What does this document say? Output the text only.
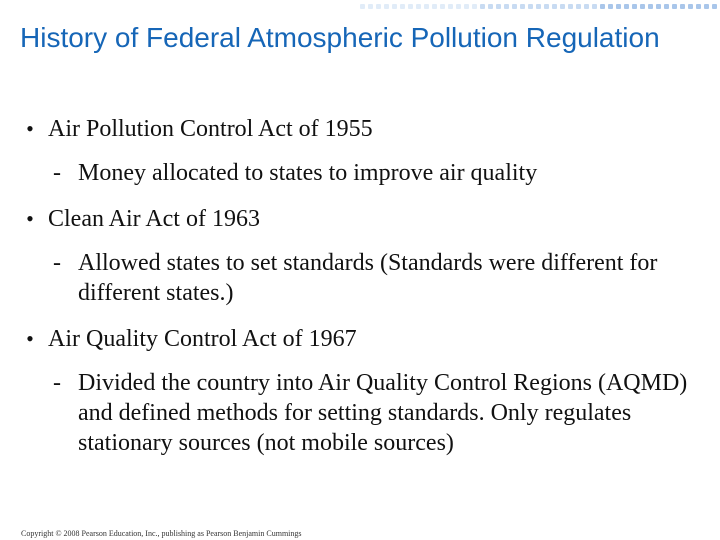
History of Federal Atmospheric Pollution Regulation
• Air Pollution Control Act of 1955
- Money allocated to states to improve air quality
• Clean Air Act of 1963
- Allowed states to set standards (Standards were different for different states.)
• Air Quality Control Act of 1967
- Divided the country into Air Quality Control Regions (AQMD) and defined methods for setting standards. Only regulates stationary sources (not mobile sources)
Copyright © 2008 Pearson Education, Inc., publishing as Pearson Benjamin Cummings
